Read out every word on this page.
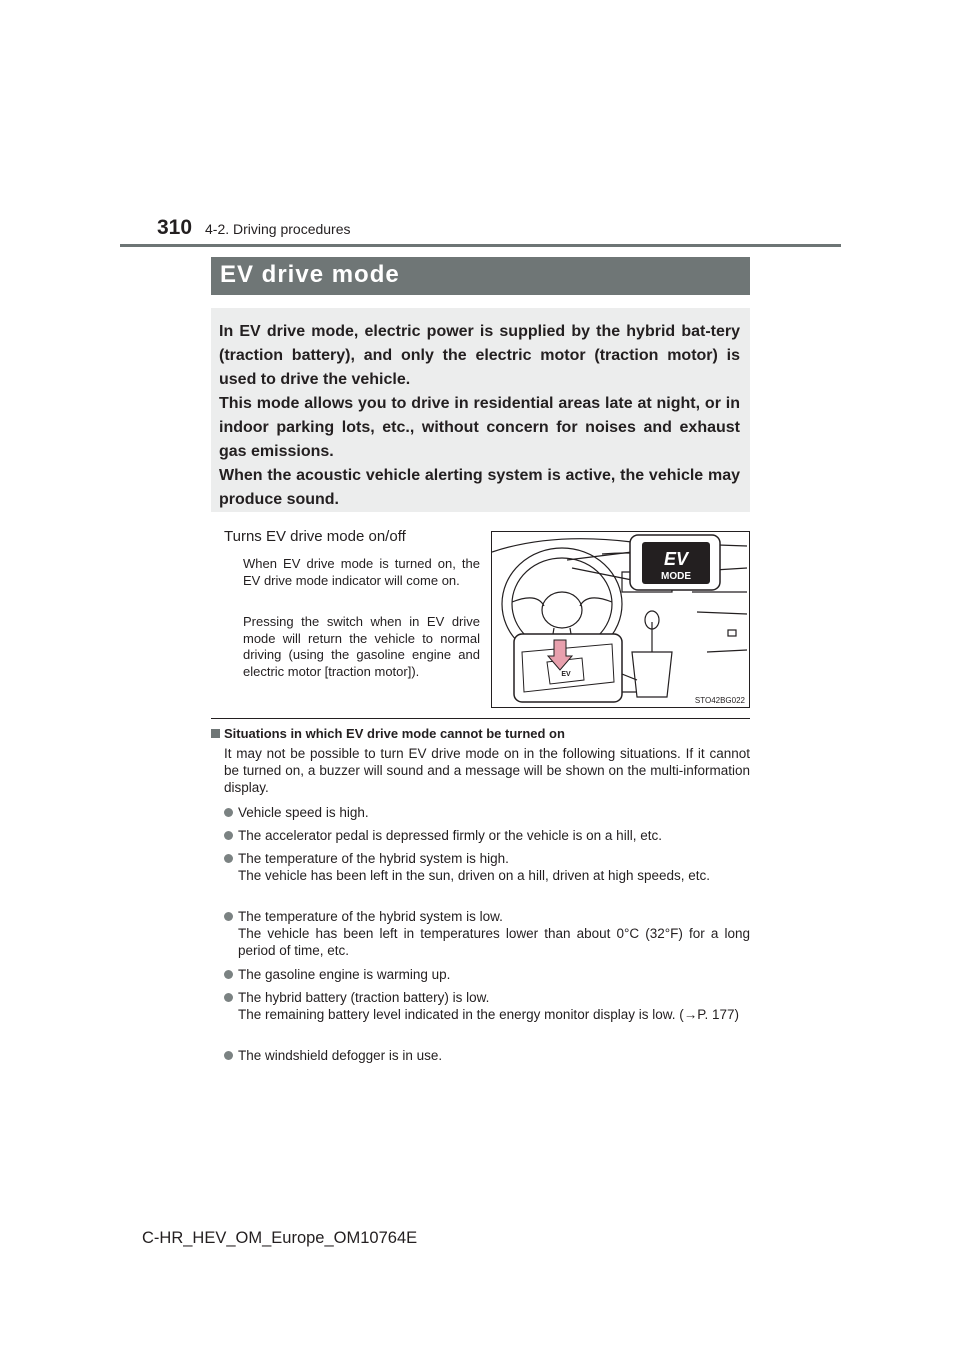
310 4-2. Driving procedures
EV drive mode

In EV drive mode, electric power is supplied by the hybrid bat-tery (traction battery), and only the electric motor (traction motor) is used to drive the vehicle.

This mode allows you to drive in residential areas late at night, or in indoor parking lots, etc., without concern for noises and exhaust gas emissions.

When the acoustic vehicle alerting system is active, the vehicle may produce sound.

Turns EV drive mode on/off

When EV drive mode is turned on, the EV drive mode indicator will come on.

Pressing the switch when in EV drive mode will return the vehicle to normal driving (using the gasoline engine and electric motor [traction motor]).

EV
MODE
EV
STO42BG022
Situations in which EV drive mode cannot be turned on

It may not be possible to turn EV drive mode on in the following situations. If it cannot be turned on, a buzzer will sound and a message will be shown on the multi-information display.

Vehicle speed is high.
The accelerator pedal is depressed firmly or the vehicle is on a hill, etc.
The temperature of the hybrid system is high.
The vehicle has been left in the sun, driven on a hill, driven at high speeds, etc.
The temperature of the hybrid system is low.
The vehicle has been left in temperatures lower than about 0°C (32°F) for a long period of time, etc.
The gasoline engine is warming up.
The hybrid battery (traction battery) is low.
The remaining battery level indicated in the energy monitor display is low. (→P. 177)
The windshield defogger is in use.
C-HR_HEV_OM_Europe_OM10764E
